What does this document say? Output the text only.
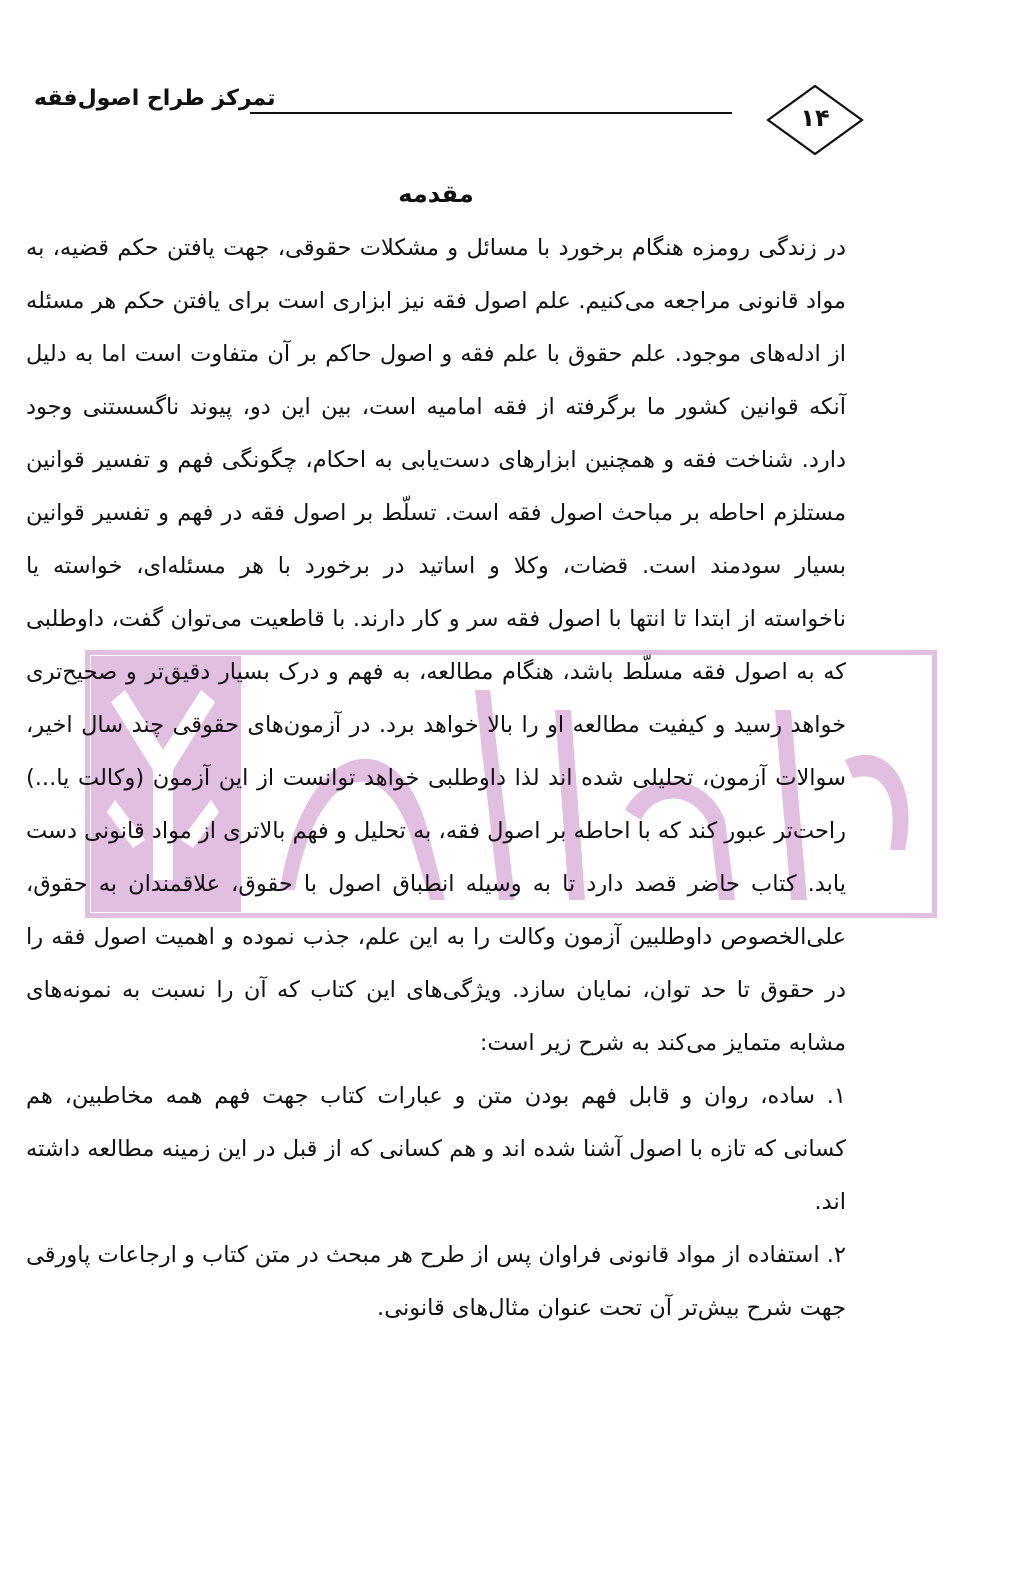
تمرکز طراح اصول‌فقه
۱۴
مقدمه

در زندگی رومزه هنگام برخورد با مسائل و مشکلات حقوقی، جهت یافتن حکم قضیه، به مواد قانونی مراجعه می‌کنیم. علم اصول فقه نیز ابزاری است برای یافتن حکم هر مسئله از ادله‌های موجود. علم حقوق با علم فقه و اصول حاکم بر آن متفاوت است اما به دلیل آنکه قوانین کشور ما برگرفته از فقه امامیه است، بین این دو، پیوند ناگسستنی وجود دارد. شناخت فقه و همچنین ابزارهای دست‌یابی به احکام، چگونگی فهم و تفسیر قوانین مستلزم احاطه بر مباحث اصول فقه است. تسلّط بر اصول فقه در فهم و تفسیر قوانین بسیار سودمند است. قضات، وکلا و اساتید در برخورد با هر مسئله‌ای، خواسته یا ناخواسته از ابتدا تا انتها با اصول فقه سر و کار دارند. با قاطعیت می‌توان گفت، داوطلبی که به اصول فقه مسلّط باشد، هنگام مطالعه، به فهم و درک بسیار دقیق‌تر و صحیح‌تری خواهد رسید و کیفیت مطالعه او را بالا خواهد برد. در آزمون‌های حقوقی چند سال اخیر، سوالات آزمون، تحلیلی شده اند لذا داوطلبی خواهد توانست از این آزمون (وکالت یا...) راحت‌تر عبور کند که با احاطه بر اصول فقه، به تحلیل و فهم بالاتری از مواد قانونی دست یابد. کتاب حاضر قصد دارد تا به وسیله انطباق اصول با حقوق، علاقمندان به حقوق، علی‌الخصوص داوطلبین آزمون وکالت را به این علم، جذب نموده و اهمیت اصول فقه را در حقوق تا حد توان، نمایان سازد. ویژگی‌های این کتاب که آن را نسبت به نمونه‌های مشابه متمایز می‌کند به شرح زیر است:

۱. ساده، روان و قابل فهم بودن متن و عبارات کتاب جهت فهم همه مخاطبین، هم کسانی که تازه با اصول آشنا شده اند و هم کسانی که از قبل در این زمینه مطالعه داشته اند.
۲. استفاده از مواد قانونی فراوان پس از طرح هر مبحث در متن کتاب و ارجاعات پاورقی جهت شرح بیش‌تر آن تحت عنوان مثال‌های قانونی.
